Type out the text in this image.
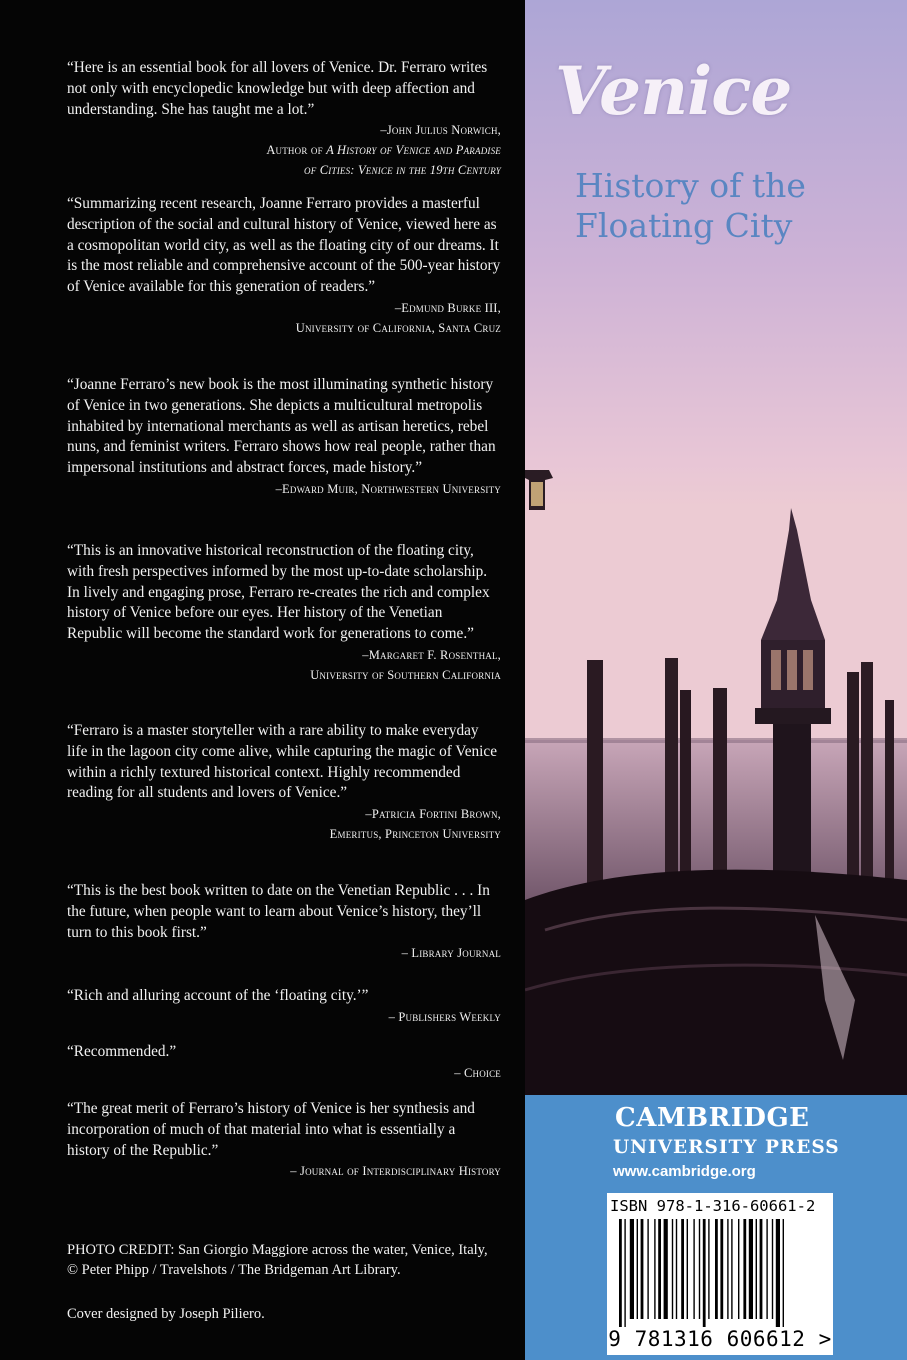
“Here is an essential book for all lovers of Venice. Dr. Ferraro writes not only with encyclopedic knowledge but with deep affection and understanding. She has taught me a lot.”

–John Julius Norwich,
Author of A History of Venice and Paradise
of Cities: Venice in the 19th Century

“Summarizing recent research, Joanne Ferraro provides a masterful description of the social and cultural history of Venice, viewed here as a cosmopolitan world city, as well as the floating city of our dreams. It is the most reliable and comprehensive account of the 500-year history of Venice available for this generation of readers.”

–Edmund Burke III,
University of California, Santa Cruz

“Joanne Ferraro’s new book is the most illuminating synthetic history of Venice in two generations. She depicts a multicultural metropolis inhabited by international merchants as well as artisan heretics, rebel nuns, and feminist writers. Ferraro shows how real people, rather than impersonal institutions and abstract forces, made history.”

–Edward Muir, Northwestern University

“This is an innovative historical reconstruction of the floating city, with fresh perspectives informed by the most up-to-date scholarship. In lively and engaging prose, Ferraro re-creates the rich and complex history of Venice before our eyes. Her history of the Venetian Republic will become the standard work for generations to come.”

–Margaret F. Rosenthal,
University of Southern California

“Ferraro is a master storyteller with a rare ability to make everyday life in the lagoon city come alive, while capturing the magic of Venice within a richly textured historical context. Highly recommended reading for all students and lovers of Venice.”

–Patricia Fortini Brown,
Emeritus, Princeton University

“This is the best book written to date on the Venetian Republic . . . In the future, when people want to learn about Venice’s history, they’ll turn to this book first.”

– Library Journal

“Rich and alluring account of the ‘floating city.’”

– Publishers Weekly

“Recommended.”

– Choice

“The great merit of Ferraro’s history of Venice is her synthesis and incorporation of much of that material into what is essentially a history of the Republic.”

– Journal of Interdisciplinary History

PHOTO CREDIT: San Giorgio Maggiore across the water, Venice, Italy, © Peter Phipp / Travelshots / The Bridgeman Art Library.

Cover designed by Joseph Piliero.

Venice

History of the
Floating City

CAMBRIDGE

UNIVERSITY PRESS

www.cambridge.org

ISBN 978-1-316-60661-2

9 781316 606612 >
